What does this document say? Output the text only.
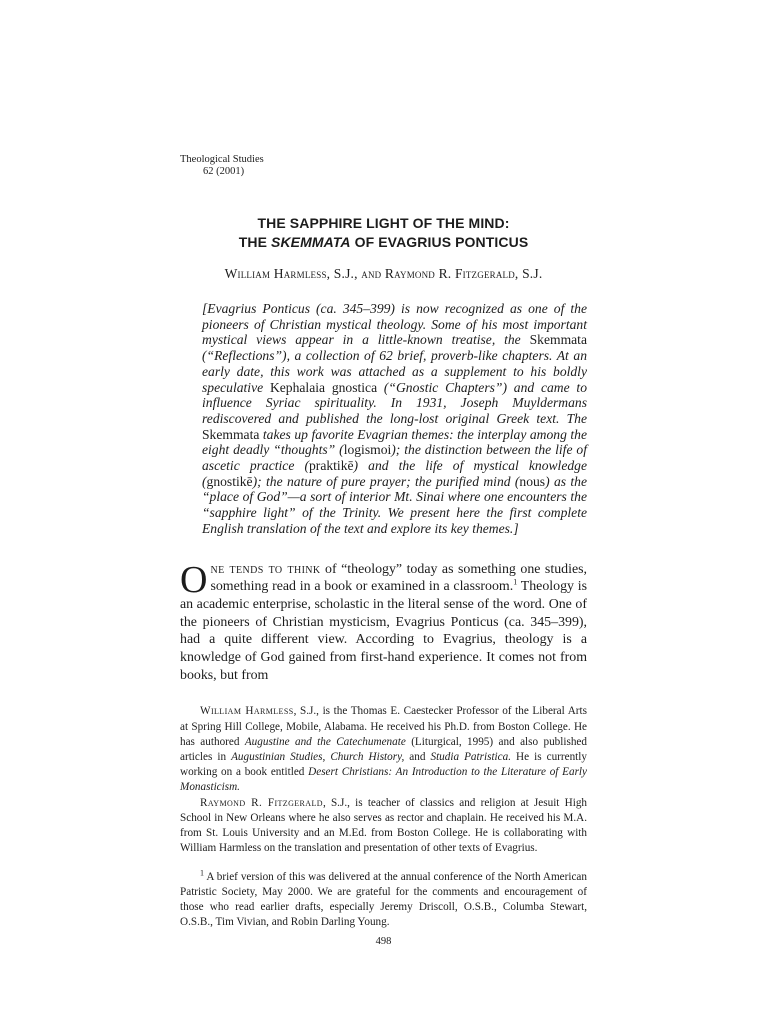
Theological Studies
62 (2001)
THE SAPPHIRE LIGHT OF THE MIND:
THE SKEMMATA OF EVAGRIUS PONTICUS
William Harmless, S.J., and Raymond R. Fitzgerald, S.J.
[Evagrius Ponticus (ca. 345–399) is now recognized as one of the pioneers of Christian mystical theology. Some of his most important mystical views appear in a little-known treatise, the Skemmata (“Reflections”), a collection of 62 brief, proverb-like chapters. At an early date, this work was attached as a supplement to his boldly speculative Kephalaia gnostica (“Gnostic Chapters”) and came to influence Syriac spirituality. In 1931, Joseph Muyldermans rediscovered and published the long-lost original Greek text. The Skemmata takes up favorite Evagrian themes: the interplay among the eight deadly “thoughts” (logismoi); the distinction between the life of ascetic practice (praktikē) and the life of mystical knowledge (gnostikē); the nature of pure prayer; the purified mind (nous) as the “place of God”—a sort of interior Mt. Sinai where one encounters the “sapphire light” of the Trinity. We present here the first complete English translation of the text and explore its key themes.]
One tends to think of “theology” today as something one studies, something read in a book or examined in a classroom.$^1$ Theology is an academic enterprise, scholastic in the literal sense of the word. One of the pioneers of Christian mysticism, Evagrius Ponticus (ca. 345–399), had a quite different view. According to Evagrius, theology is a knowledge of God gained from first-hand experience. It comes not from books, but from

William Harmless, S.J., is the Thomas E. Caestecker Professor of the Liberal Arts at Spring Hill College, Mobile, Alabama. He received his Ph.D. from Boston College. He has authored Augustine and the Catechumenate (Liturgical, 1995) and also published articles in Augustinian Studies, Church History, and Studia Patristica. He is currently working on a book entitled Desert Christians: An Introduction to the Literature of Early Monasticism.

Raymond R. Fitzgerald, S.J., is teacher of classics and religion at Jesuit High School in New Orleans where he also serves as rector and chaplain. He received his M.A. from St. Louis University and an M.Ed. from Boston College. He is collaborating with William Harmless on the translation and presentation of other texts of Evagrius.

$^1$ A brief version of this was delivered at the annual conference of the North American Patristic Society, May 2000. We are grateful for the comments and encouragement of those who read earlier drafts, especially Jeremy Driscoll, O.S.B., Columba Stewart, O.S.B., Tim Vivian, and Robin Darling Young.

498
